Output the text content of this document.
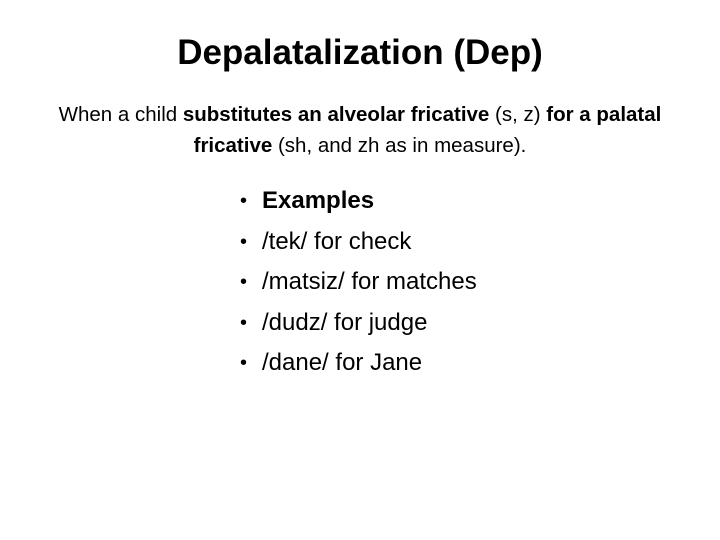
Depalatalization (Dep)

When a child substitutes an alveolar fricative (s, z) for a palatal fricative (sh, and zh as in measure).

• Examples
• /tek/ for check
• /matsiz/ for matches
• /dudz/ for judge
• /dane/ for Jane
